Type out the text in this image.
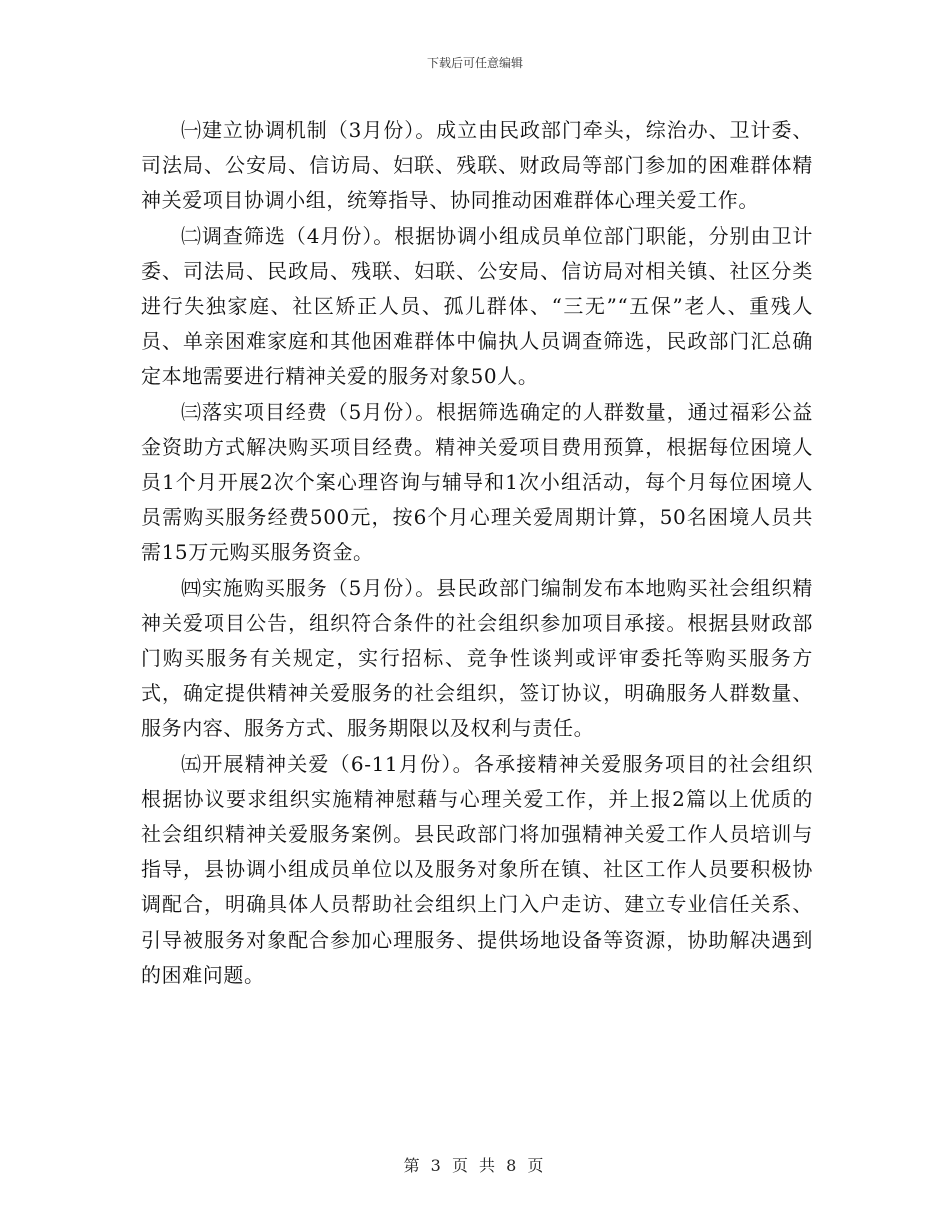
下载后可任意编辑

㈠建立协调机制（3月份）。成立由民政部门牵头，综治办、卫计委、司法局、公安局、信访局、妇联、残联、财政局等部门参加的困难群体精神关爱项目协调小组，统筹指导、协同推动困难群体心理关爱工作。

㈡调查筛选（4月份）。根据协调小组成员单位部门职能，分别由卫计委、司法局、民政局、残联、妇联、公安局、信访局对相关镇、社区分类进行失独家庭、社区矫正人员、孤儿群体、“三无”“五保”老人、重残人员、单亲困难家庭和其他困难群体中偏执人员调查筛选，民政部门汇总确定本地需要进行精神关爱的服务对象50人。

㈢落实项目经费（5月份）。根据筛选确定的人群数量，通过福彩公益金资助方式解决购买项目经费。精神关爱项目费用预算，根据每位困境人员1个月开展2次个案心理咨询与辅导和1次小组活动，每个月每位困境人员需购买服务经费500元，按6个月心理关爱周期计算，50名困境人员共需15万元购买服务资金。

㈣实施购买服务（5月份）。县民政部门编制发布本地购买社会组织精神关爱项目公告，组织符合条件的社会组织参加项目承接。根据县财政部门购买服务有关规定，实行招标、竞争性谈判或评审委托等购买服务方式，确定提供精神关爱服务的社会组织，签订协议，明确服务人群数量、服务内容、服务方式、服务期限以及权利与责任。

㈤开展精神关爱（6-11月份）。各承接精神关爱服务项目的社会组织根据协议要求组织实施精神慰藉与心理关爱工作，并上报2篇以上优质的社会组织精神关爱服务案例。县民政部门将加强精神关爱工作人员培训与指导，县协调小组成员单位以及服务对象所在镇、社区工作人员要积极协调配合，明确具体人员帮助社会组织上门入户走访、建立专业信任关系、引导被服务对象配合参加心理服务、提供场地设备等资源，协助解决遇到的困难问题。

第 3 页 共 8 页
